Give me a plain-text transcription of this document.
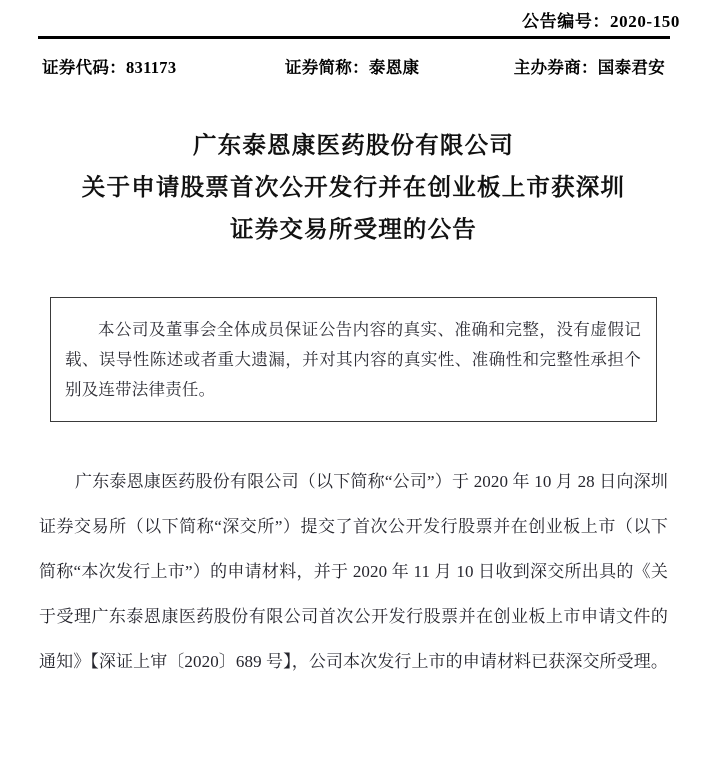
公告编号：2020-150
证券代码：831173	证券简称：泰恩康	主办券商：国泰君安
广东泰恩康医药股份有限公司
关于申请股票首次公开发行并在创业板上市获深圳
证券交易所受理的公告
本公司及董事会全体成员保证公告内容的真实、准确和完整，没有虚假记载、误导性陈述或者重大遗漏，并对其内容的真实性、准确性和完整性承担个别及连带法律责任。

广东泰恩康医药股份有限公司（以下简称“公司”）于 2020 年 10 月 28 日向深圳证券交易所（以下简称“深交所”）提交了首次公开发行股票并在创业板上市（以下简称“本次发行上市”）的申请材料，并于 2020 年 11 月 10 日收到深交所出具的《关于受理广东泰恩康医药股份有限公司首次公开发行股票并在创业板上市申请文件的通知》【深证上审〔2020〕689 号】，公司本次发行上市的申请材料已获深交所受理。
